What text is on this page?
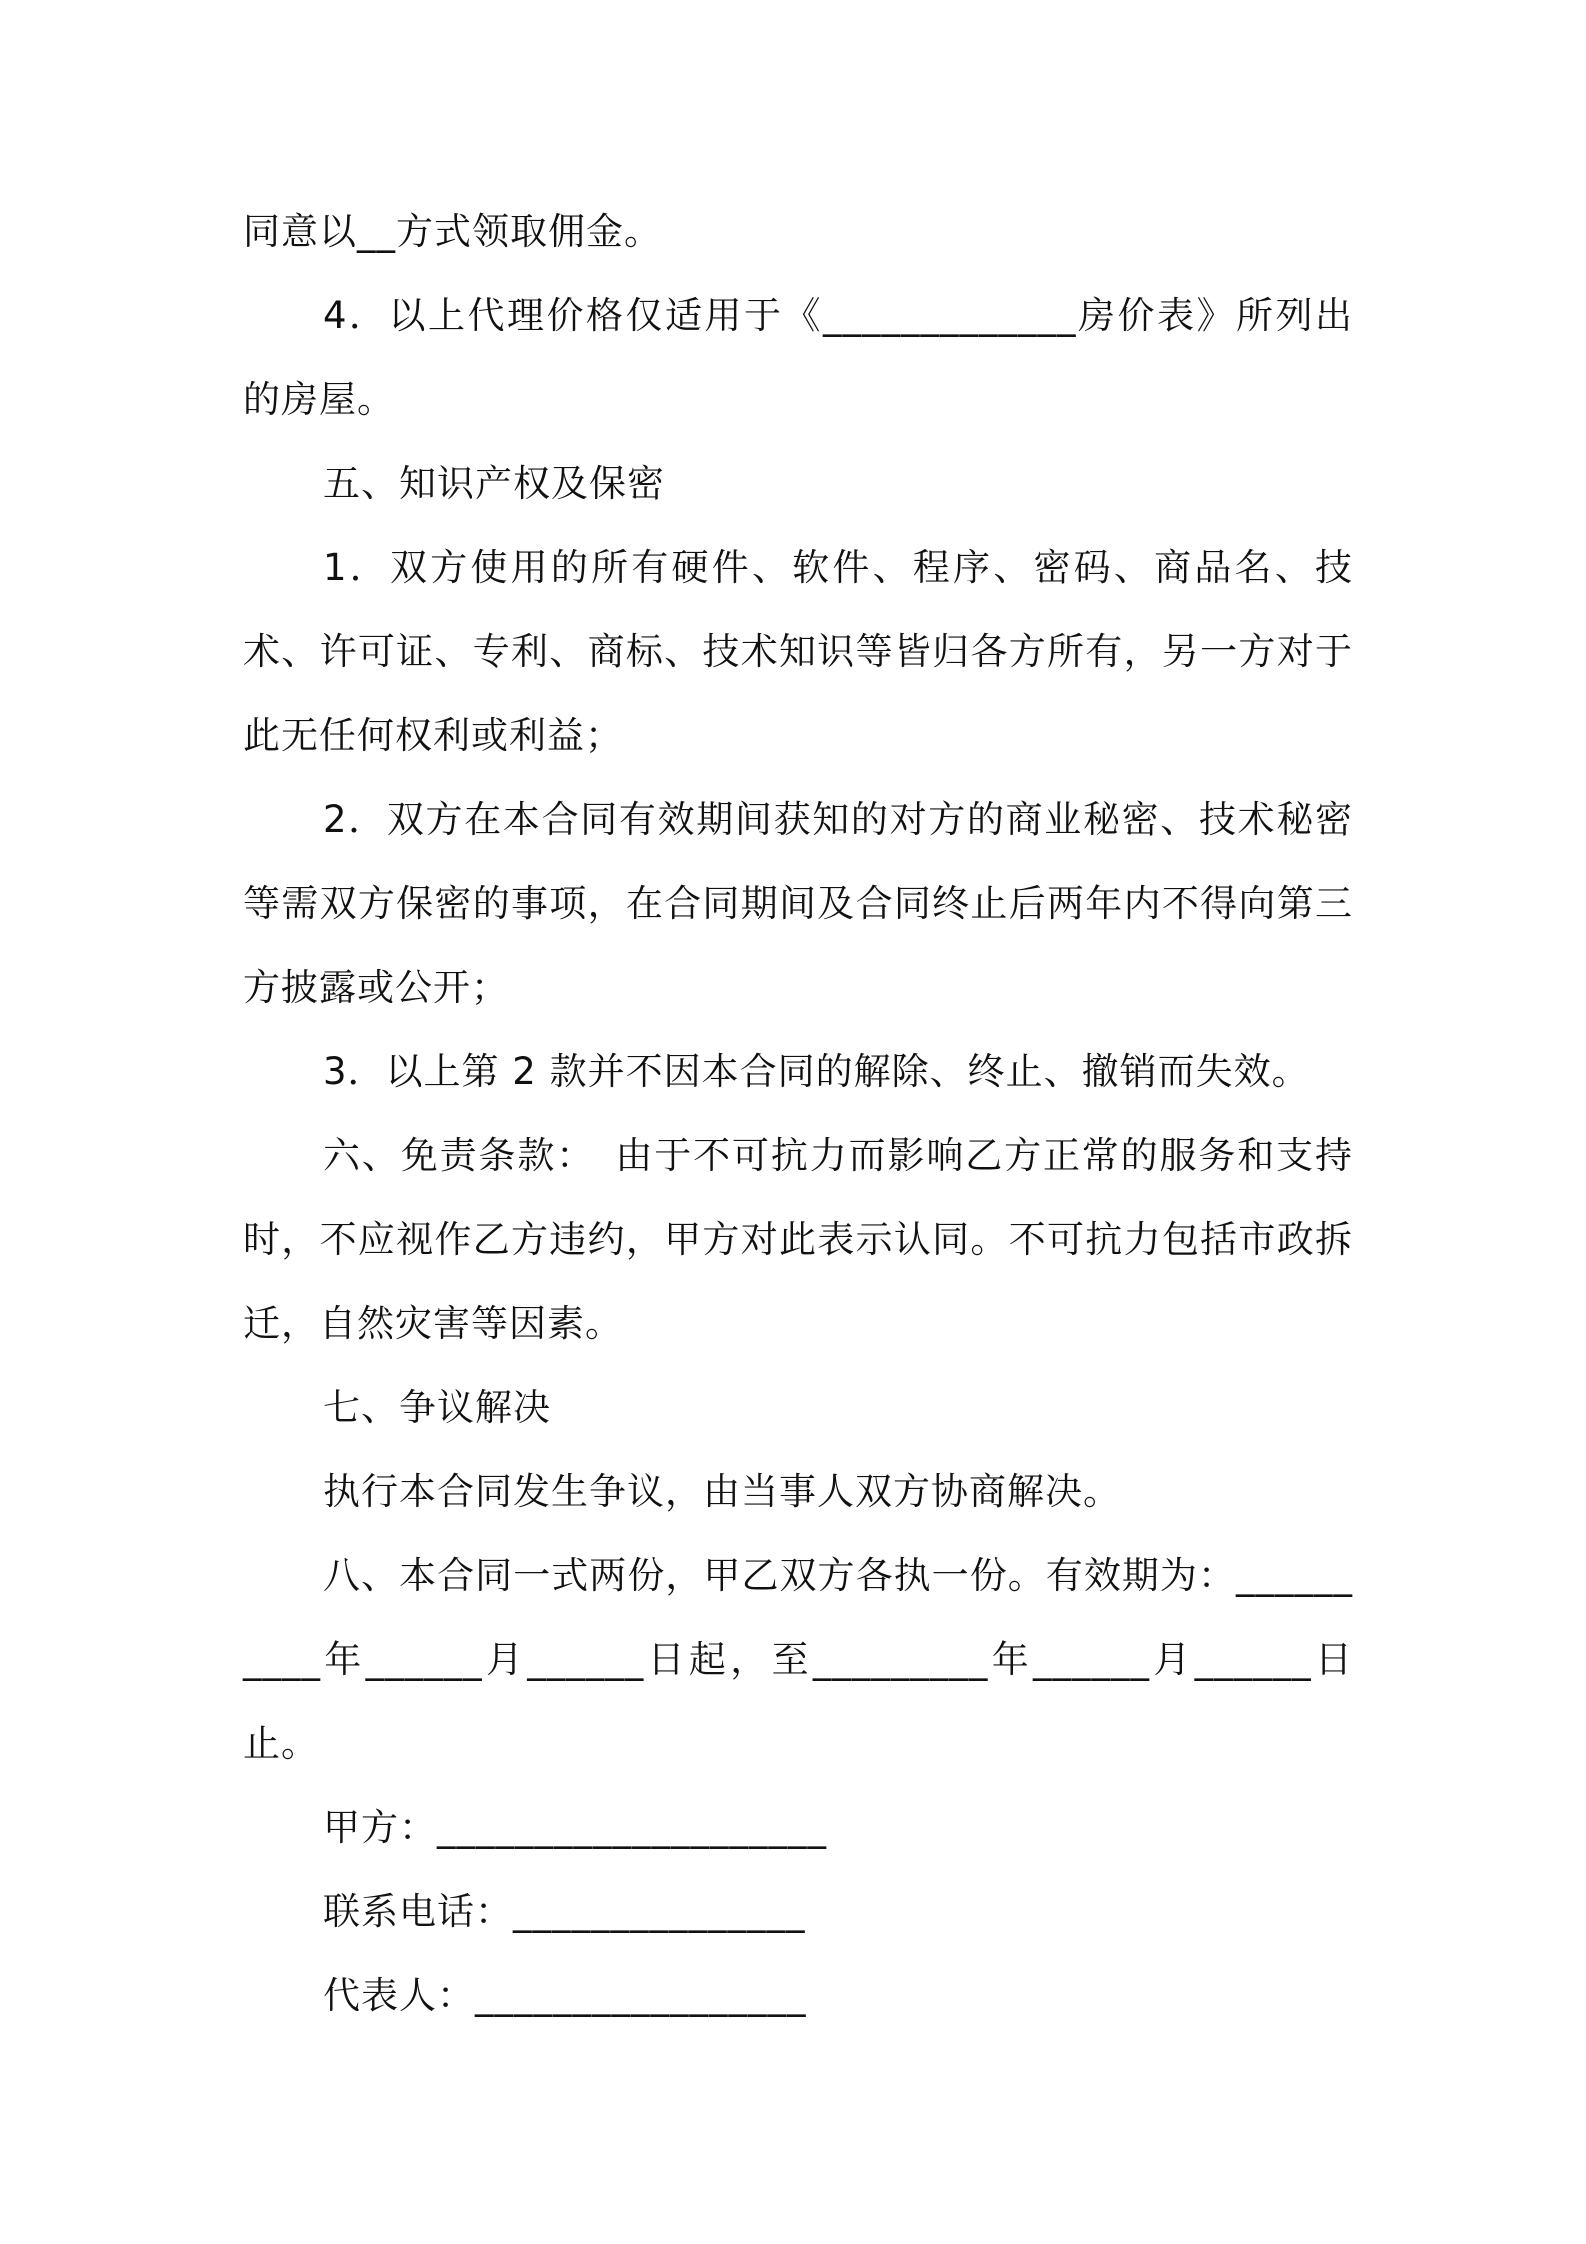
同意以__方式领取佣金。

4．以上代理价格仅适用于《_____________房价表》所列出的房屋。

五、知识产权及保密

1．双方使用的所有硬件、软件、程序、密码、商品名、技术、许可证、专利、商标、技术知识等皆归各方所有，另一方对于此无任何权利或利益；

2．双方在本合同有效期间获知的对方的商业秘密、技术秘密等需双方保密的事项，在合同期间及合同终止后两年内不得向第三方披露或公开；

3．以上第 2 款并不因本合同的解除、终止、撤销而失效。

六、免责条款：　由于不可抗力而影响乙方正常的服务和支持时，不应视作乙方违约，甲方对此表示认同。不可抗力包括市政拆迁，自然灾害等因素。

七、争议解决

执行本合同发生争议，由当事人双方协商解决。

八、本合同一式两份，甲乙双方各执一份。有效期为：__________年______月______日起，至_________年______月______日止。

甲方：____________________

联系电话：_______________

代表人：_________________
